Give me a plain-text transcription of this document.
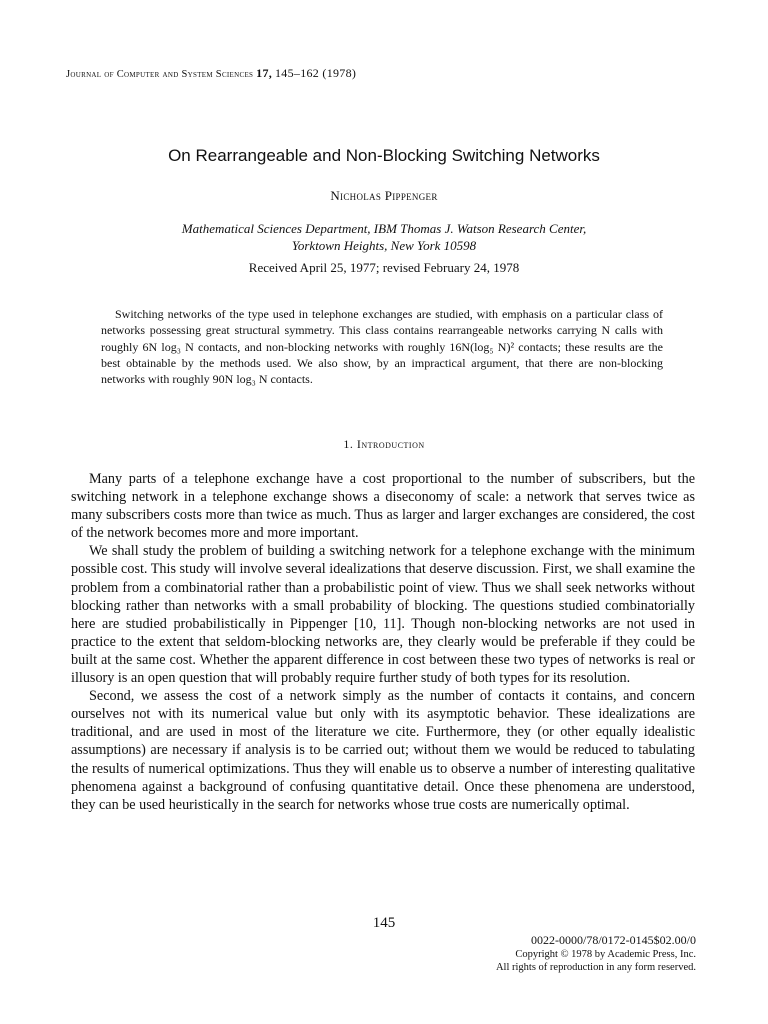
Journal of Computer and System Sciences 17, 145–162 (1978)
On Rearrangeable and Non-Blocking Switching Networks
Nicholas Pippenger
Mathematical Sciences Department, IBM Thomas J. Watson Research Center,
Yorktown Heights, New York 10598
Received April 25, 1977; revised February 24, 1978

Switching networks of the type used in telephone exchanges are studied, with emphasis on a particular class of networks possessing great structural symmetry. This class contains rearrangeable networks carrying N calls with roughly 6N log₃ N contacts, and non-blocking networks with roughly 16N(log₅ N)² contacts; these results are the best obtainable by the methods used. We also show, by an impractical argument, that there are non-blocking networks with roughly 90N log₃ N contacts.

1. Introduction

Many parts of a telephone exchange have a cost proportional to the number of subscribers, but the switching network in a telephone exchange shows a diseconomy of scale: a network that serves twice as many subscribers costs more than twice as much. Thus as larger and larger exchanges are considered, the cost of the network becomes more and more important.

We shall study the problem of building a switching network for a telephone exchange with the minimum possible cost. This study will involve several idealizations that deserve discussion. First, we shall examine the problem from a combinatorial rather than a probabilistic point of view. Thus we shall seek networks without blocking rather than networks with a small probability of blocking. The questions studied combinatorially here are studied probabilistically in Pippenger [10, 11]. Though non-blocking networks are not used in practice to the extent that seldom-blocking networks are, they clearly would be preferable if they could be built at the same cost. Whether the apparent difference in cost between these two types of networks is real or illusory is an open question that will probably require further study of both types for its resolution.

Second, we assess the cost of a network simply as the number of contacts it contains, and concern ourselves not with its numerical value but only with its asymptotic behavior. These idealizations are traditional, and are used in most of the literature we cite. Furthermore, they (or other equally idealistic assumptions) are necessary if analysis is to be carried out; without them we would be reduced to tabulating the results of numerical optimizations. Thus they will enable us to observe a number of interesting qualitative phenomena against a background of confusing quantitative detail. Once these phenomena are understood, they can be used heuristically in the search for networks whose true costs are numerically optimal.

145
0022-0000/78/0172-0145$02.00/0
Copyright © 1978 by Academic Press, Inc.
All rights of reproduction in any form reserved.
